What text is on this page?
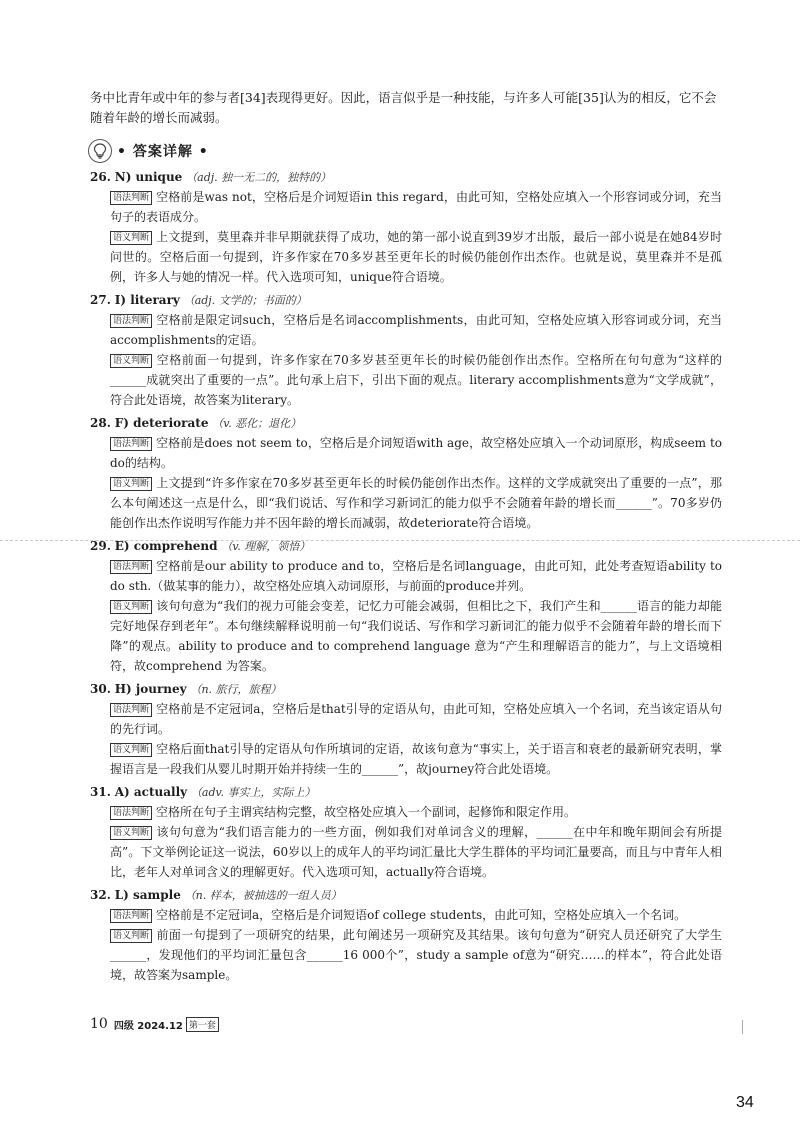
务中比青年或中年的参与者[34]表现得更好。因此，语言似乎是一种技能，与许多人可能[35]认为的相反，它不会随着年龄的增长而减弱。
• 答案详解 •
26. N) unique （adj. 独一无二的，独特的）
语法判断 空格前是was not，空格后是介词短语in this regard，由此可知，空格处应填入一个形容词或分词，充当句子的表语成分。
语义判断 上文提到，莫里森并非早期就获得了成功，她的第一部小说直到39岁才出版，最后一部小说是在她84岁时问世的。空格后面一句提到，许多作家在70多岁甚至更年长的时候仍能创作出杰作。也就是说，莫里森并不是孤例，许多人与她的情况一样。代入选项可知，unique符合语境。
27. I) literary （adj. 文学的；书面的）
语法判断 空格前是限定词such，空格后是名词accomplishments，由此可知，空格处应填入形容词或分词，充当accomplishments的定语。
语义判断 空格前面一句提到，许多作家在70多岁甚至更年长的时候仍能创作出杰作。空格所在句句意为“这样的______成就突出了重要的一点”。此句承上启下，引出下面的观点。literary accomplishments意为“文学成就”，符合此处语境，故答案为literary。
28. F) deteriorate （v. 恶化；退化）
语法判断 空格前是does not seem to，空格后是介词短语with age，故空格处应填入一个动词原形，构成seem to do的结构。
语义判断 上文提到“许多作家在70多岁甚至更年长的时候仍能创作出杰作。这样的文学成就突出了重要的一点”，那么本句阐述这一点是什么，即“我们说话、写作和学习新词汇的能力似乎不会随着年龄的增长而______”。70多岁仍能创作出杰作说明写作能力并不因年龄的增长而减弱，故deteriorate符合语境。
29. E) comprehend （v. 理解，领悟）
语法判断 空格前是our ability to produce and to，空格后是名词language，由此可知，此处考查短语ability to do sth.（做某事的能力），故空格处应填入动词原形，与前面的produce并列。
语义判断 该句句意为“我们的视力可能会变差，记忆力可能会减弱，但相比之下，我们产生和______语言的能力却能完好地保存到老年”。本句继续解释说明前一句“我们说话、写作和学习新词汇的能力似乎不会随着年龄的增长而下降”的观点。ability to produce and to comprehend language 意为“产生和理解语言的能力”，与上文语境相符，故comprehend 为答案。
30. H) journey （n. 旅行，旅程）
语法判断 空格前是不定冠词a，空格后是that引导的定语从句，由此可知，空格处应填入一个名词，充当该定语从句的先行词。
语义判断 空格后面that引导的定语从句作所填词的定语，故该句意为“事实上，关于语言和衰老的最新研究表明，掌握语言是一段我们从婴儿时期开始并持续一生的______”，故journey符合此处语境。
31. A) actually （adv. 事实上，实际上）
语法判断 空格所在句子主谓宾结构完整，故空格处应填入一个副词，起修饰和限定作用。
语义判断 该句句意为“我们语言能力的一些方面，例如我们对单词含义的理解，______在中年和晚年期间会有所提高”。下文举例论证这一说法，60岁以上的成年人的平均词汇量比大学生群体的平均词汇量要高，而且与中青年人相比，老年人对单词含义的理解更好。代入选项可知，actually符合语境。
32. L) sample （n. 样本，被抽选的一组人员）
语法判断 空格前是不定冠词a，空格后是介词短语of college students，由此可知，空格处应填入一个名词。
语义判断 前面一句提到了一项研究的结果，此句阐述另一项研究及其结果。该句句意为“研究人员还研究了大学生______，发现他们的平均词汇量包含______16 000个”，study a sample of意为“研究……的样本”，符合此处语境，故答案为sample。
10 四级 2024.12 第一套
34
